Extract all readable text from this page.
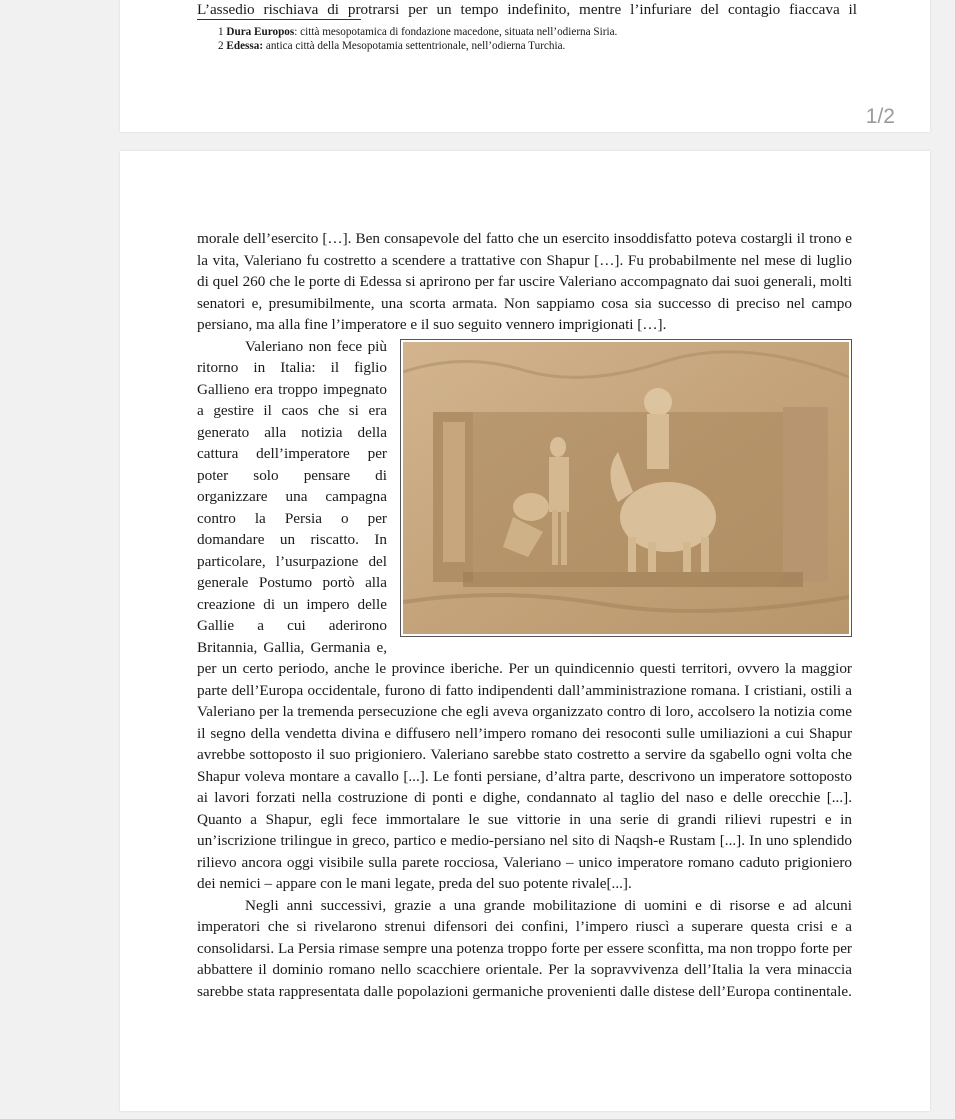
L’assedio rischiava di protrarsi per un tempo indefinito, mentre l’infuriare del contagio fiaccava il
1 Dura Europos: città mesopotamica di fondazione macedone, situata nell’odierna Siria.
2 Edessa: antica città della Mesopotamia settentrionale, nell’odierna Turchia.
1/2

morale dell’esercito […]. Ben consapevole del fatto che un esercito insoddisfatto poteva costargli il trono e la vita, Valeriano fu costretto a scendere a trattative con Shapur […]. Fu probabilmente nel mese di luglio di quel 260 che le porte di Edessa si aprirono per far uscire Valeriano accompagnato dai suoi generali, molti senatori e, presumibilmente, una scorta armata. Non sappiamo cosa sia successo di preciso nel campo persiano, ma alla fine l’imperatore e il suo seguito vennero imprigionati […].

Valeriano non fece più ritorno in Italia: il figlio Gallieno era troppo impegnato a gestire il caos che si era generato alla notizia della cattura dell’imperatore per poter solo pensare di organizzare una campagna contro la Persia o per domandare un riscatto. In particolare, l’usurpazione del generale Postumo portò alla creazione di un impero delle Gallie a cui aderirono Britannia, Gallia, Germania e, per un certo periodo, anche le province iberiche. Per un quindicennio questi territori, ovvero la maggior parte dell’Europa occidentale, furono di fatto indipendenti dall’amministrazione romana. I cristiani, ostili a Valeriano per la tremenda persecuzione che egli aveva organizzato contro di loro, accolsero la notizia come il segno della vendetta divina e diffusero nell’impero romano dei resoconti sulle umiliazioni a cui Shapur avrebbe sottoposto il suo prigioniero. Valeriano sarebbe stato costretto a servire da sgabello ogni volta che Shapur voleva montare a cavallo [...]. Le fonti persiane, d’altra parte, descrivono un imperatore sottoposto ai lavori forzati nella costruzione di ponti e dighe, condannato al taglio del naso e delle orecchie [...]. Quanto a Shapur, egli fece immortalare le sue vittorie in una serie di grandi rilievi rupestri e in un’iscrizione trilingue in greco, partico e medio-persiano nel sito di Naqsh-e Rustam [...]. In uno splendido rilievo ancora oggi visibile sulla parete rocciosa, Valeriano – unico imperatore romano caduto prigioniero dei nemici – appare con le mani legate, preda del suo potente rivale[...].

Negli anni successivi, grazie a una grande mobilitazione di uomini e di risorse e ad alcuni imperatori che si rivelarono strenui difensori dei confini, l’impero riuscì a superare questa crisi e a consolidarsi. La Persia rimase sempre una potenza troppo forte per essere sconfitta, ma non troppo forte per abbattere il dominio romano nello scacchiere orientale. Per la sopravvivenza dell’Italia la vera minaccia sarebbe stata rappresentata dalle popolazioni germaniche provenienti dalle distese dell’Europa continentale.
